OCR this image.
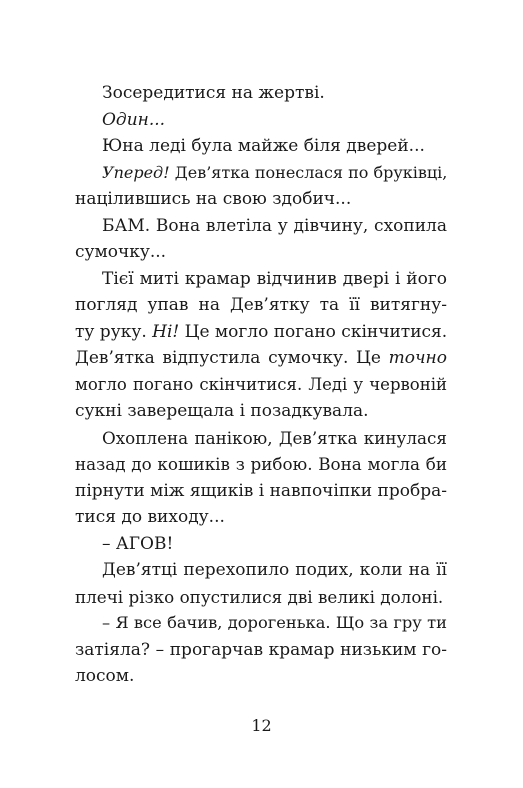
Зосередитися на жертві.
Один...
Юна леді була майже біля дверей...
Уперед! Дев’ятка понеслася по бруківці,
націлившись на свою здобич...
БАМ. Вона влетіла у дівчину, схопила
сумочку...
Тієї миті крамар відчинив двері і його
погляд упав на Дев’ятку та її витягну-
ту руку. Ні! Це могло погано скінчитися.
Дев’ятка відпустила сумочку. Це точно
могло погано скінчитися. Леді у червоній
сукні заверещала і позадкувала.
Охоплена панікою, Дев’ятка кинулася
назад до кошиків з рибою. Вона могла би
пірнути між ящиків і навпочіпки пробра-
тися до виходу...
– АГОВ!
Дев’ятці перехопило подих, коли на її
плечі різко опустилися дві великі долоні.
– Я все бачив, дорогенька. Що за гру ти
затіяла? – прогарчав крамар низьким го-
лосом.
12
